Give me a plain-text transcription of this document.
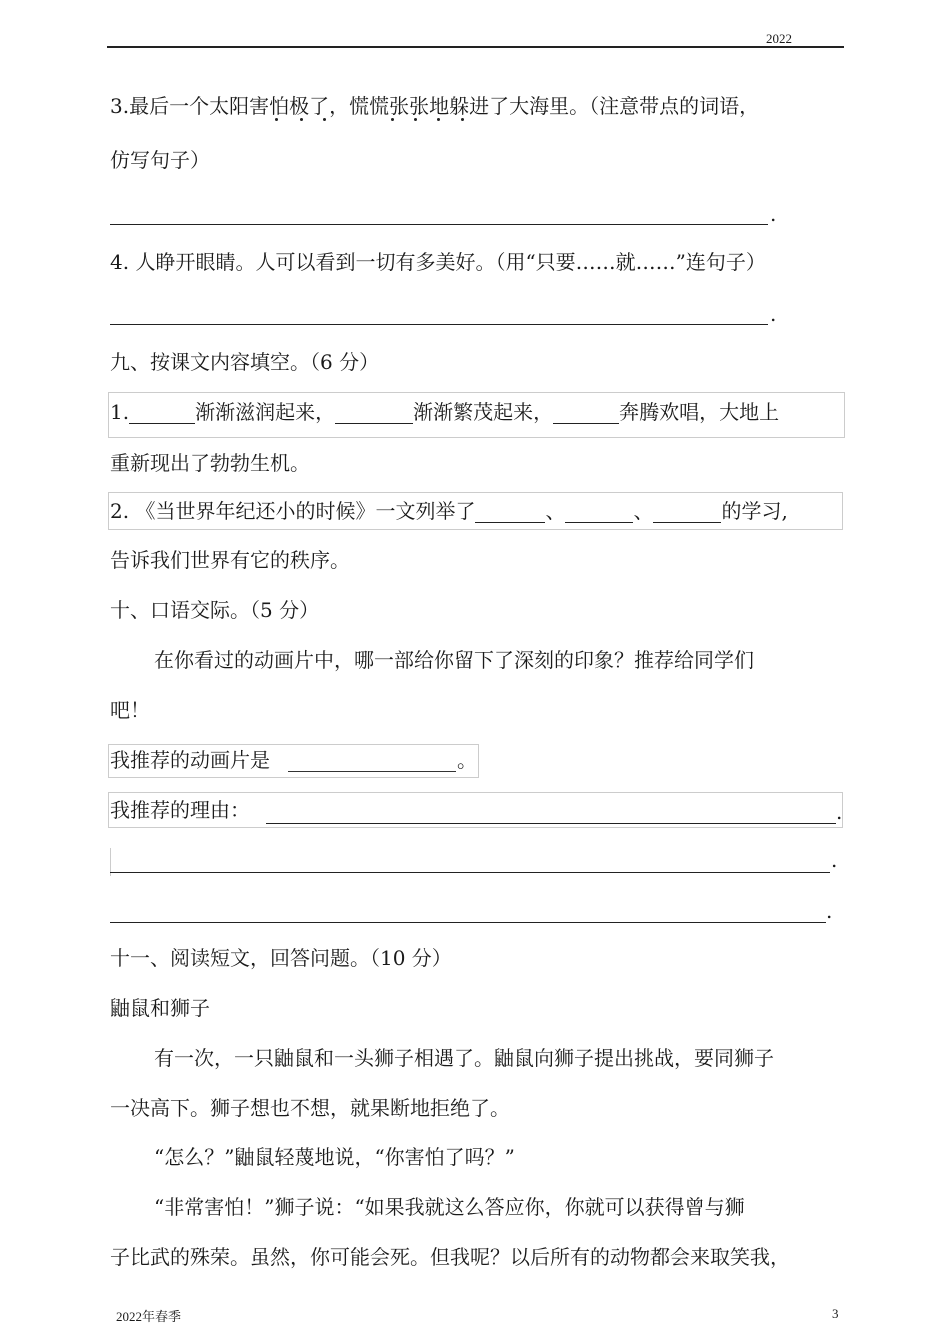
2022
3.最后一个太阳害怕极了，慌慌张张地躲进了大海里。（注意带点的词语，
仿写句子）
.
4. 人睁开眼睛。人可以看到一切有多美好。（用“只要……就……”连句子）
.
九、按课文内容填空。（6 分）
1.	渐渐滋润起来，	渐渐繁茂起来，	奔腾欢唱，大地上
重新现出了勃勃生机。
2. 《当世界年纪还小的时候》一文列举了	、	、	的学习,
告诉我们世界有它的秩序。
十、口语交际。（5 分）
在你看过的动画片中，哪一部给你留下了深刻的印象？推荐给同学们
吧！
我推荐的动画片是	。
我推荐的理由：	.
.
.
十一、阅读短文，回答问题。（10 分）
鼬鼠和狮子
有一次，一只鼬鼠和一头狮子相遇了。鼬鼠向狮子提出挑战，要同狮子
一决高下。狮子想也不想，就果断地拒绝了。
“怎么？”鼬鼠轻蔑地说，“你害怕了吗？”
“非常害怕！”狮子说：“如果我就这么答应你，你就可以获得曾与狮
子比武的殊荣。虽然，你可能会死。但我呢？以后所有的动物都会来取笑我，
2022年春季	3
